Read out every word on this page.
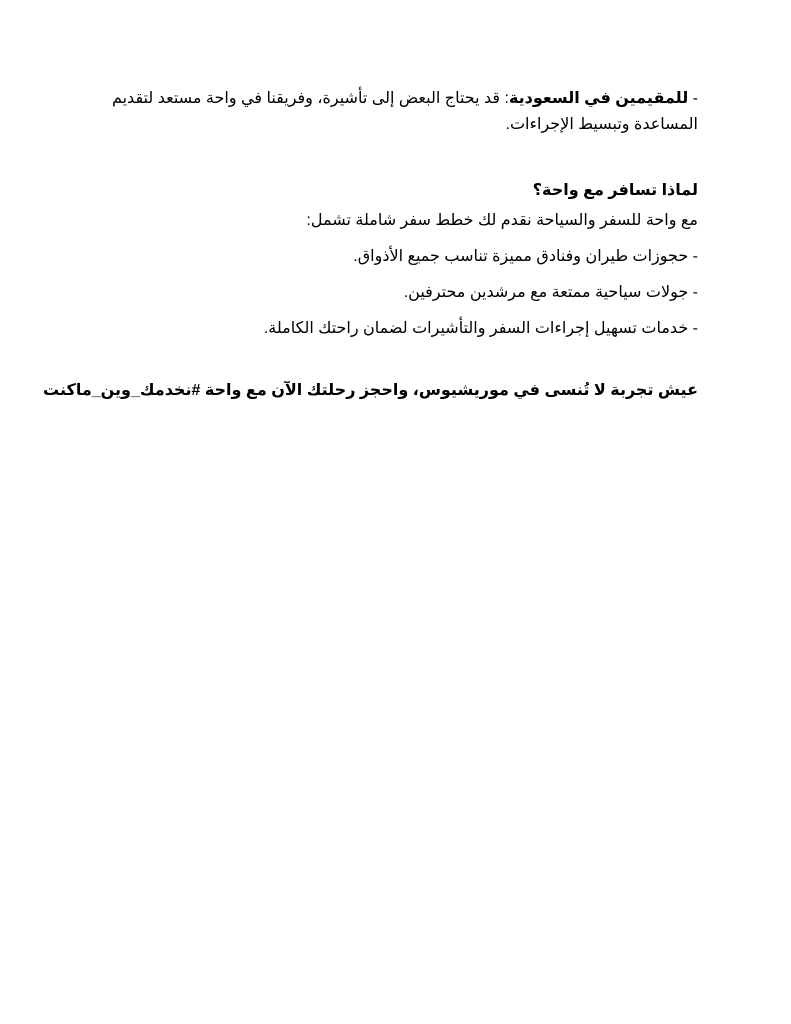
- للمقيمين في السعودية: قد يحتاج البعض إلى تأشيرة، وفريقنا في واحة مستعد لتقديم المساعدة وتبسيط الإجراءات.

لماذا تسافر مع واحة؟

مع واحة للسفر والسياحة نقدم لك خطط سفر شاملة تشمل:

- حجوزات طيران وفنادق مميزة تناسب جميع الأذواق.

- جولات سياحية ممتعة مع مرشدين محترفين.

- خدمات تسهيل إجراءات السفر والتأشيرات لضمان راحتك الكاملة.

عيش تجربة لا تُنسى في موريشيوس، واحجز رحلتك الآن مع واحة #نخدمك_وين_ماكنت
